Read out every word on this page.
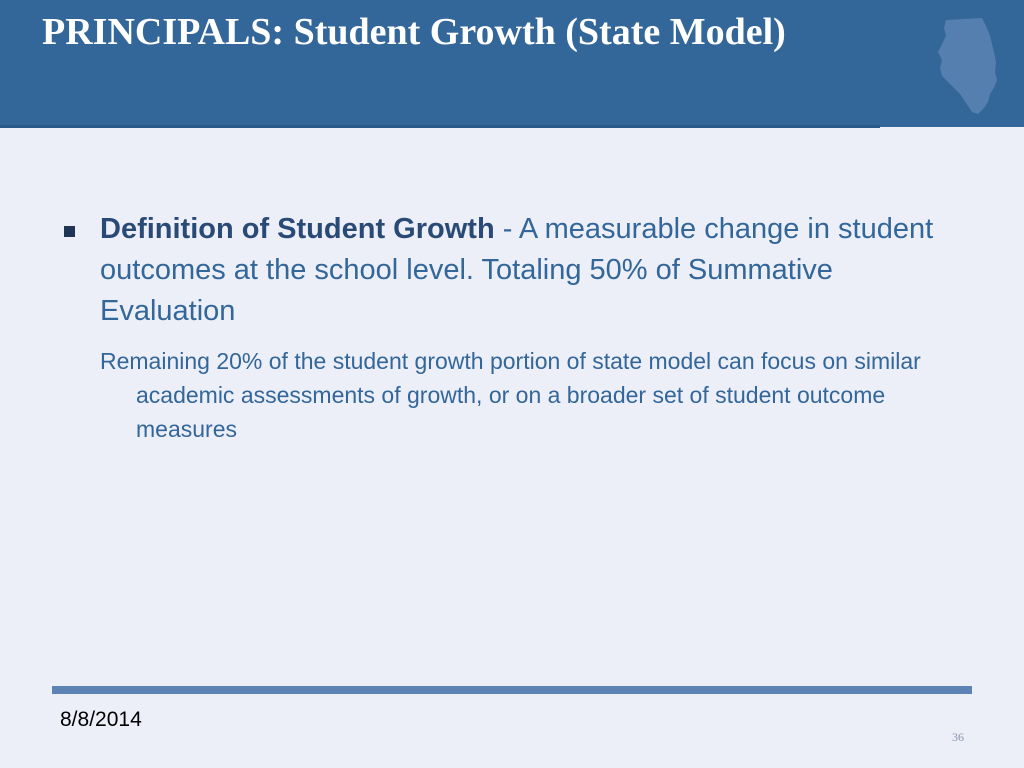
PRINCIPALS: Student Growth (State Model)
Definition of Student Growth - A measurable change in student outcomes at the school level. Totaling 50% of Summative Evaluation
Remaining 20% of the student growth portion of state model can focus on similar academic assessments of growth, or on a broader set of student outcome measures
8/8/2014
36
